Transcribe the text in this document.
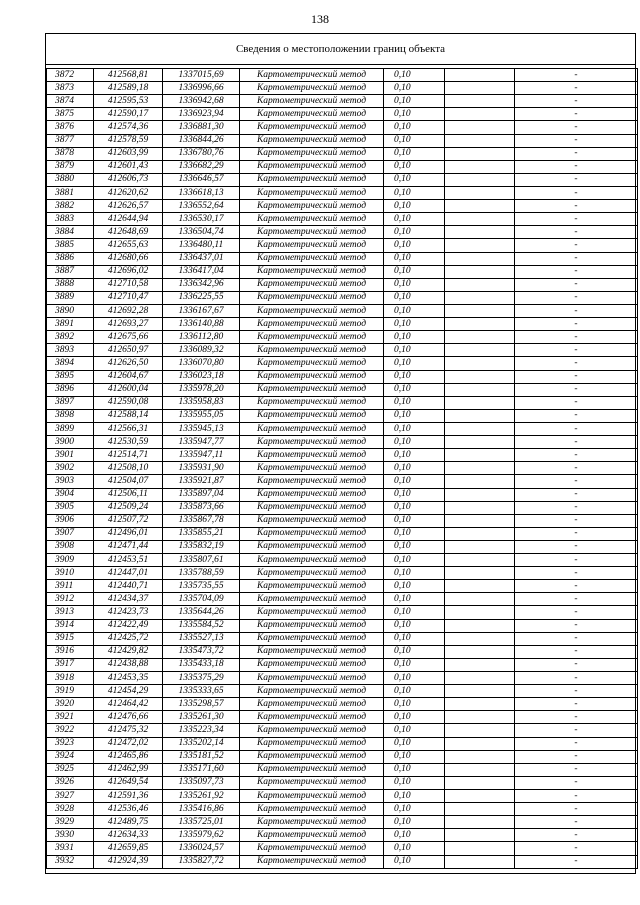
138
Сведения о местоположении границ объекта
3872	412568,81	1337015,69	Картометрический метод	0,10		-
3873	412589,18	1336996,66	Картометрический метод	0,10		-
3874	412595,53	1336942,68	Картометрический метод	0,10		-
3875	412590,17	1336923,94	Картометрический метод	0,10		-
3876	412574,36	1336881,30	Картометрический метод	0,10		-
3877	412578,59	1336844,26	Картометрический метод	0,10		-
3878	412603,99	1336780,76	Картометрический метод	0,10		-
3879	412601,43	1336682,29	Картометрический метод	0,10		-
3880	412606,73	1336646,57	Картометрический метод	0,10		-
3881	412620,62	1336618,13	Картометрический метод	0,10		-
3882	412626,57	1336552,64	Картометрический метод	0,10		-
3883	412644,94	1336530,17	Картометрический метод	0,10		-
3884	412648,69	1336504,74	Картометрический метод	0,10		-
3885	412655,63	1336480,11	Картометрический метод	0,10		-
3886	412680,66	1336437,01	Картометрический метод	0,10		-
3887	412696,02	1336417,04	Картометрический метод	0,10		-
3888	412710,58	1336342,96	Картометрический метод	0,10		-
3889	412710,47	1336225,55	Картометрический метод	0,10		-
3890	412692,28	1336167,67	Картометрический метод	0,10		-
3891	412693,27	1336140,88	Картометрический метод	0,10		-
3892	412675,66	1336112,80	Картометрический метод	0,10		-
3893	412650,97	1336089,32	Картометрический метод	0,10		-
3894	412626,50	1336070,80	Картометрический метод	0,10		-
3895	412604,67	1336023,18	Картометрический метод	0,10		-
3896	412600,04	1335978,20	Картометрический метод	0,10		-
3897	412590,08	1335958,83	Картометрический метод	0,10		-
3898	412588,14	1335955,05	Картометрический метод	0,10		-
3899	412566,31	1335945,13	Картометрический метод	0,10		-
3900	412530,59	1335947,77	Картометрический метод	0,10		-
3901	412514,71	1335947,11	Картометрический метод	0,10		-
3902	412508,10	1335931,90	Картометрический метод	0,10		-
3903	412504,07	1335921,87	Картометрический метод	0,10		-
3904	412506,11	1335897,04	Картометрический метод	0,10		-
3905	412509,24	1335873,66	Картометрический метод	0,10		-
3906	412507,72	1335867,78	Картометрический метод	0,10		-
3907	412496,01	1335855,21	Картометрический метод	0,10		-
3908	412471,44	1335832,19	Картометрический метод	0,10		-
3909	412453,51	1335807,61	Картометрический метод	0,10		-
3910	412447,01	1335788,59	Картометрический метод	0,10		-
3911	412440,71	1335735,55	Картометрический метод	0,10		-
3912	412434,37	1335704,09	Картометрический метод	0,10		-
3913	412423,73	1335644,26	Картометрический метод	0,10		-
3914	412422,49	1335584,52	Картометрический метод	0,10		-
3915	412425,72	1335527,13	Картометрический метод	0,10		-
3916	412429,82	1335473,72	Картометрический метод	0,10		-
3917	412438,88	1335433,18	Картометрический метод	0,10		-
3918	412453,35	1335375,29	Картометрический метод	0,10		-
3919	412454,29	1335333,65	Картометрический метод	0,10		-
3920	412464,42	1335298,57	Картометрический метод	0,10		-
3921	412476,66	1335261,30	Картометрический метод	0,10		-
3922	412475,32	1335223,34	Картометрический метод	0,10		-
3923	412472,02	1335202,14	Картометрический метод	0,10		-
3924	412465,86	1335181,52	Картометрический метод	0,10		-
3925	412462,99	1335171,60	Картометрический метод	0,10		-
3926	412649,54	1335097,73	Картометрический метод	0,10		-
3927	412591,36	1335261,92	Картометрический метод	0,10		-
3928	412536,46	1335416,86	Картометрический метод	0,10		-
3929	412489,75	1335725,01	Картометрический метод	0,10		-
3930	412634,33	1335979,62	Картометрический метод	0,10		-
3931	412659,85	1336024,57	Картометрический метод	0,10		-
3932	412924,39	1335827,72	Картометрический метод	0,10		-
